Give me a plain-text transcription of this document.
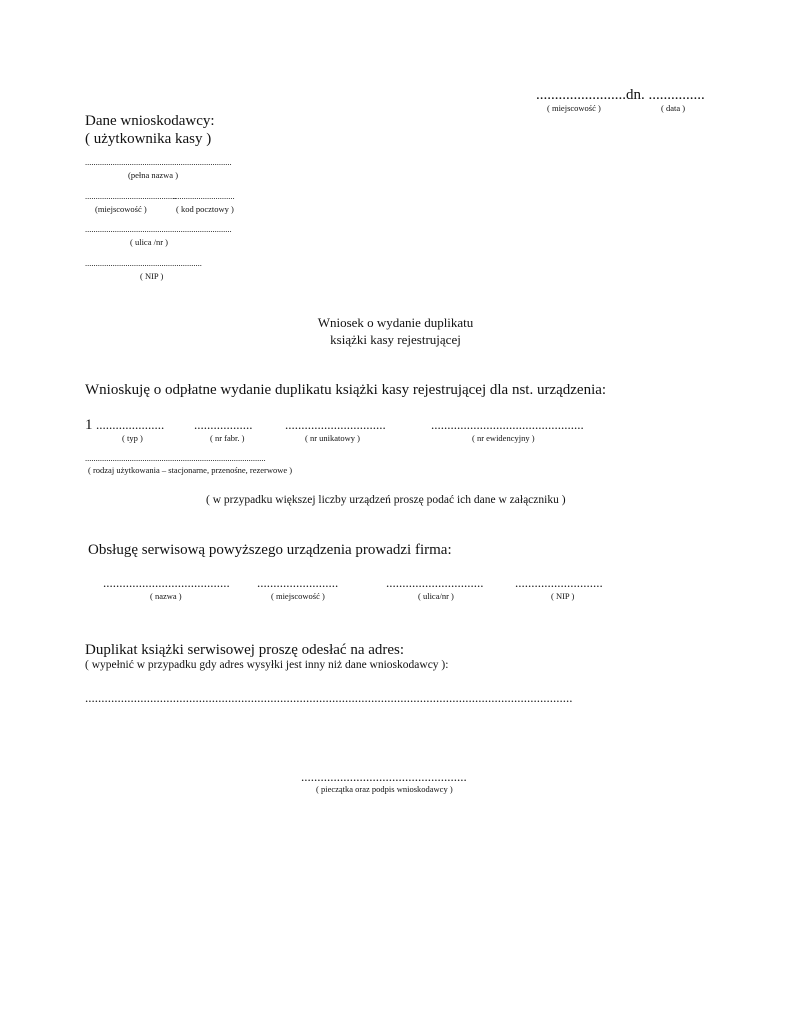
........................dn. ...............
( miejscowość )	( data )
Dane wnioskodawcy:
( użytkownika kasy )
.....................................................................
(pełna nazwa )
...........................................
.............................
(miejscowość )	( kod pocztowy )
.....................................................................
( ulica /nr )
.......................................................
( NIP )
Wniosek o wydanie duplikatu
książki kasy rejestrującej
Wnioskuję o odpłatne wydanie duplikatu książki kasy rejestrującej dla nst. urządzenia:
1 ..................... ..................	...............................	...............................................
( typ )	( nr fabr. )	( nr unikatowy )	( nr ewidencyjny )
.....................................................................................
( rodzaj użytkowania – stacjonarne, przenośne, rezerwowe )
( w przypadku większej liczby urządzeń proszę podać ich dane w załączniku )
Obsługę serwisową powyższego urządzenia prowadzi firma:
....................................... .........................	.............................. ...........................
( nazwa )	( miejscowość )	( ulica/nr )	( NIP )
Duplikat książki serwisowej proszę odesłać na adres:
( wypełnić w przypadku gdy adres wysyłki jest inny niż dane wnioskodawcy ):
......................................................................................................................................................
...................................................
( pieczątka oraz podpis wnioskodawcy )
